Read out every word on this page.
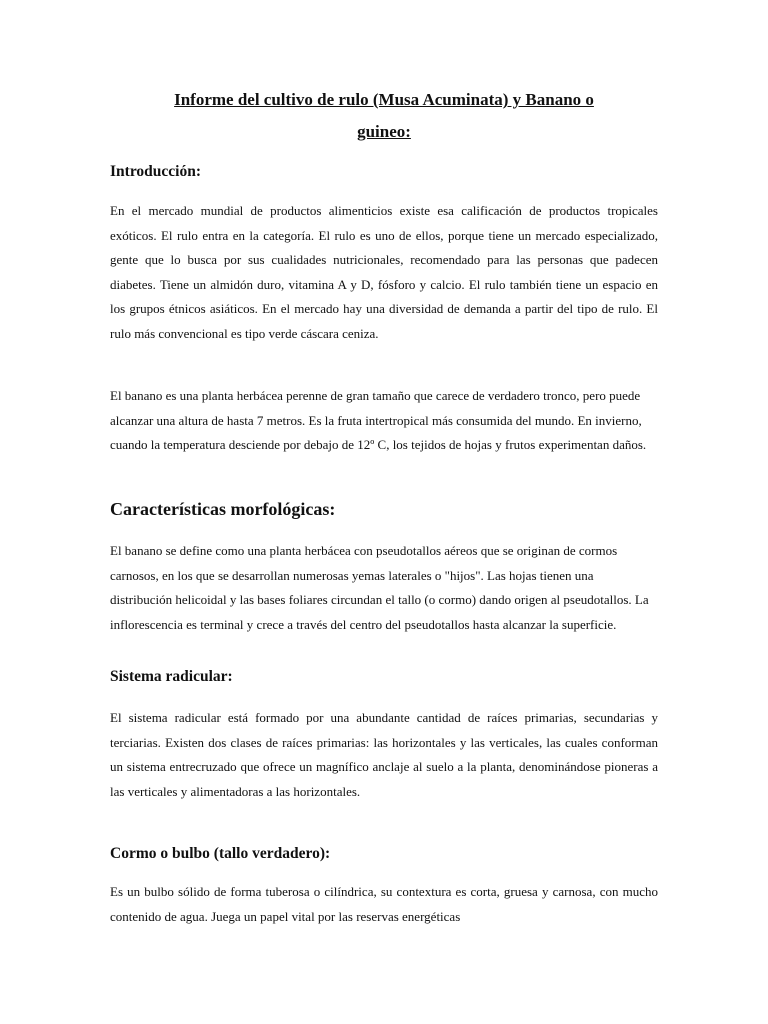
Informe del cultivo de rulo (Musa Acuminata) y Banano o
guineo:
Introducción:

En el mercado mundial de productos alimenticios existe esa calificación de productos tropicales exóticos. El rulo entra en la categoría. El rulo es uno de ellos, porque tiene un mercado especializado, gente que lo busca por sus cualidades nutricionales, recomendado para las personas que padecen diabetes. Tiene un almidón duro, vitamina A y D, fósforo y calcio. El rulo también tiene un espacio en los grupos étnicos asiáticos. En el mercado hay una diversidad de demanda a partir del tipo de rulo. El rulo más convencional es tipo verde cáscara ceniza.

El banano es una planta herbácea perenne de gran tamaño que carece de verdadero tronco, pero puede alcanzar una altura de hasta 7 metros. Es la fruta intertropical más consumida del mundo. En invierno, cuando la temperatura desciende por debajo de 12º C, los tejidos de hojas y frutos experimentan daños.

Características morfológicas:

El banano se define como una planta herbácea con pseudotallos aéreos que se originan de cormos carnosos, en los que se desarrollan numerosas yemas laterales o "hijos". Las hojas tienen una distribución helicoidal y las bases foliares circundan el tallo (o cormo) dando origen al pseudotallos. La inflorescencia es terminal y crece a través del centro del pseudotallos hasta alcanzar la superficie.

Sistema radicular:

El sistema radicular está formado por una abundante cantidad de raíces primarias, secundarias y terciarias. Existen dos clases de raíces primarias: las horizontales y las verticales, las cuales conforman un sistema entrecruzado que ofrece un magnífico anclaje al suelo a la planta, denominándose pioneras a las verticales y alimentadoras a las horizontales.

Cormo o bulbo (tallo verdadero):

Es un bulbo sólido de forma tuberosa o cilíndrica, su contextura es corta, gruesa y carnosa, con mucho contenido de agua. Juega un papel vital por las reservas energéticas
